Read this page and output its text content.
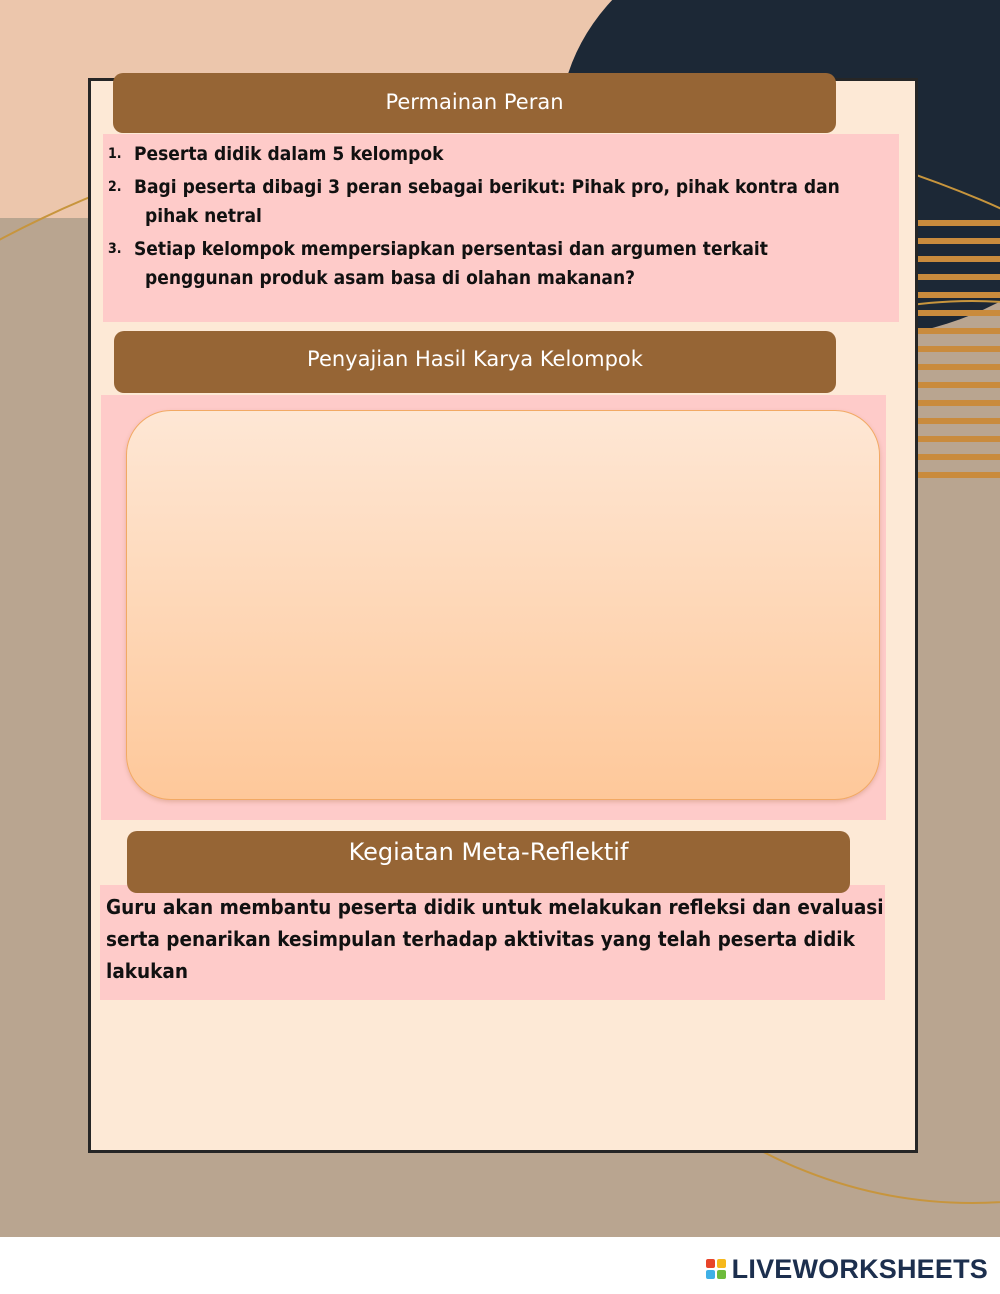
Permainan Peran
1. Peserta didik dalam 5 kelompok
2. Bagi peserta dibagi 3 peran sebagai berikut: Pihak pro, pihak kontra dan
pihak netral
3. Setiap kelompok mempersiapkan persentasi dan argumen terkait
penggunan produk asam basa di olahan makanan?
Penyajian Hasil Karya Kelompok
Kegiatan Meta-Reflektif

Guru akan membantu peserta didik untuk melakukan refleksi dan evaluasi serta penarikan kesimpulan terhadap aktivitas yang telah peserta didik lakukan

LIVEWORKSHEETS
